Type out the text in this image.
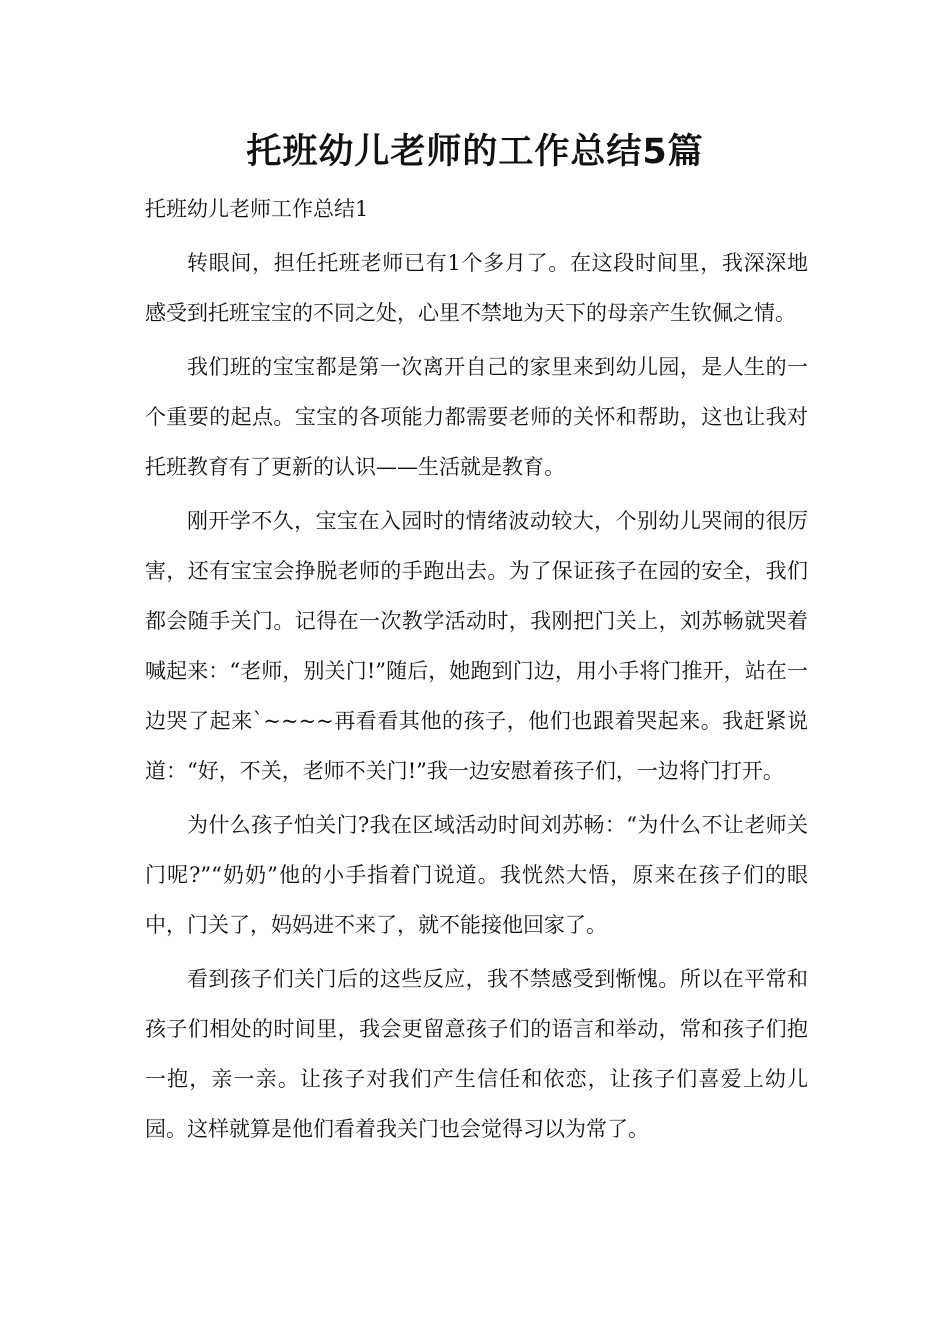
托班幼儿老师的工作总结5篇

托班幼儿老师工作总结1

转眼间，担任托班老师已有1个多月了。在这段时间里，我深深地感受到托班宝宝的不同之处，心里不禁地为天下的母亲产生钦佩之情。

我们班的宝宝都是第一次离开自己的家里来到幼儿园，是人生的一个重要的起点。宝宝的各项能力都需要老师的关怀和帮助，这也让我对托班教育有了更新的认识——生活就是教育。

刚开学不久，宝宝在入园时的情绪波动较大，个别幼儿哭闹的很厉害，还有宝宝会挣脱老师的手跑出去。为了保证孩子在园的安全，我们都会随手关门。记得在一次教学活动时，我刚把门关上，刘苏畅就哭着喊起来：“老师，别关门!”随后，她跑到门边，用小手将门推开，站在一边哭了起来`~~~~再看看其他的孩子，他们也跟着哭起来。我赶紧说道：“好，不关，老师不关门!”我一边安慰着孩子们，一边将门打开。

为什么孩子怕关门?我在区域活动时间刘苏畅：“为什么不让老师关门呢?”“奶奶”他的小手指着门说道。我恍然大悟，原来在孩子们的眼中，门关了，妈妈进不来了，就不能接他回家了。

看到孩子们关门后的这些反应，我不禁感受到惭愧。所以在平常和孩子们相处的时间里，我会更留意孩子们的语言和举动，常和孩子们抱一抱，亲一亲。让孩子对我们产生信任和依恋，让孩子们喜爱上幼儿园。这样就算是他们看着我关门也会觉得习以为常了。
